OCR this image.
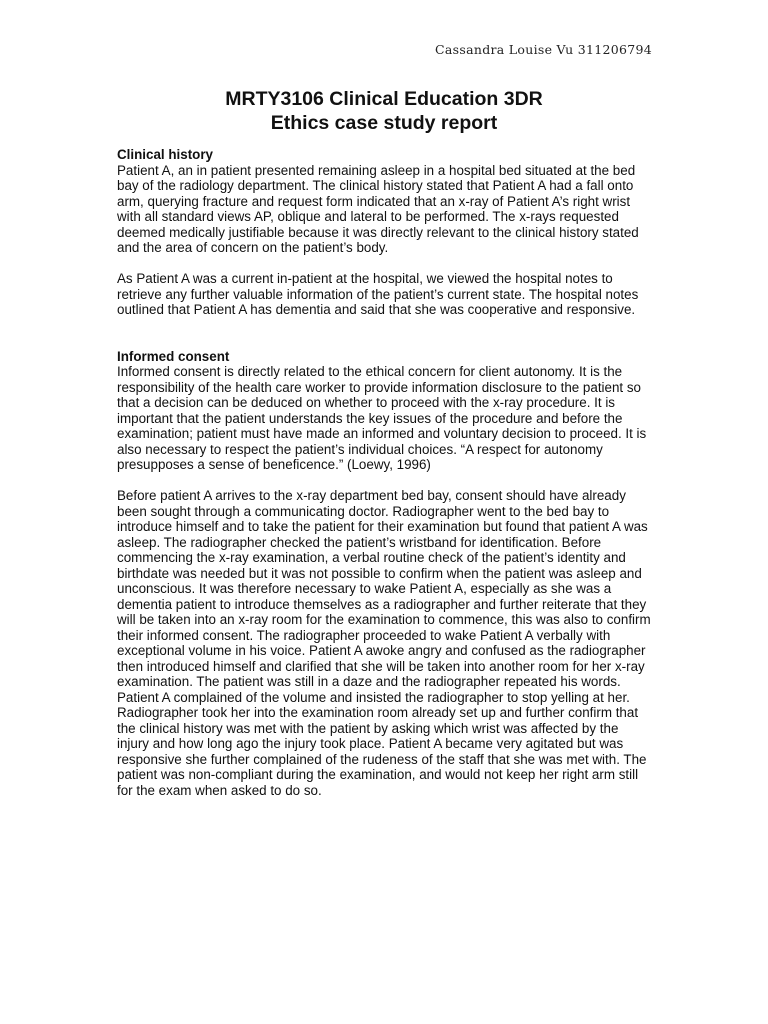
Cassandra Louise Vu 311206794
MRTY3106 Clinical Education 3DR
Ethics case study report
Clinical history

Patient A, an in patient presented remaining asleep in a hospital bed situated at the bed bay of the radiology department. The clinical history stated that Patient A had a fall onto arm, querying fracture and request form indicated that an x-ray of Patient A’s right wrist with all standard views AP, oblique and lateral to be performed. The x-rays requested deemed medically justifiable because it was directly relevant to the clinical history stated and the area of concern on the patient’s body.

As Patient A was a current in-patient at the hospital, we viewed the hospital notes to retrieve any further valuable information of the patient’s current state. The hospital notes outlined that Patient A has dementia and said that she was cooperative and responsive.

Informed consent

Informed consent is directly related to the ethical concern for client autonomy. It is the responsibility of the health care worker to provide information disclosure to the patient so that a decision can be deduced on whether to proceed with the x-ray procedure. It is important that the patient understands the key issues of the procedure and before the examination; patient must have made an informed and voluntary decision to proceed. It is also necessary to respect the patient’s individual choices. “A respect for autonomy presupposes a sense of beneficence.” (Loewy, 1996)

Before patient A arrives to the x-ray department bed bay, consent should have already been sought through a communicating doctor. Radiographer went to the bed bay to introduce himself and to take the patient for their examination but found that patient A was asleep. The radiographer checked the patient’s wristband for identification. Before commencing the x-ray examination, a verbal routine check of the patient’s identity and birthdate was needed but it was not possible to confirm when the patient was asleep and unconscious. It was therefore necessary to wake Patient A, especially as she was a dementia patient to introduce themselves as a radiographer and further reiterate that they will be taken into an x-ray room for the examination to commence, this was also to confirm their informed consent. The radiographer proceeded to wake Patient A verbally with exceptional volume in his voice. Patient A awoke angry and confused as the radiographer then introduced himself and clarified that she will be taken into another room for her x-ray examination. The patient was still in a daze and the radiographer repeated his words. Patient A complained of the volume and insisted the radiographer to stop yelling at her. Radiographer took her into the examination room already set up and further confirm that the clinical history was met with the patient by asking which wrist was affected by the injury and how long ago the injury took place. Patient A became very agitated but was responsive she further complained of the rudeness of the staff that she was met with. The patient was non-compliant during the examination, and would not keep her right arm still for the exam when asked to do so.
